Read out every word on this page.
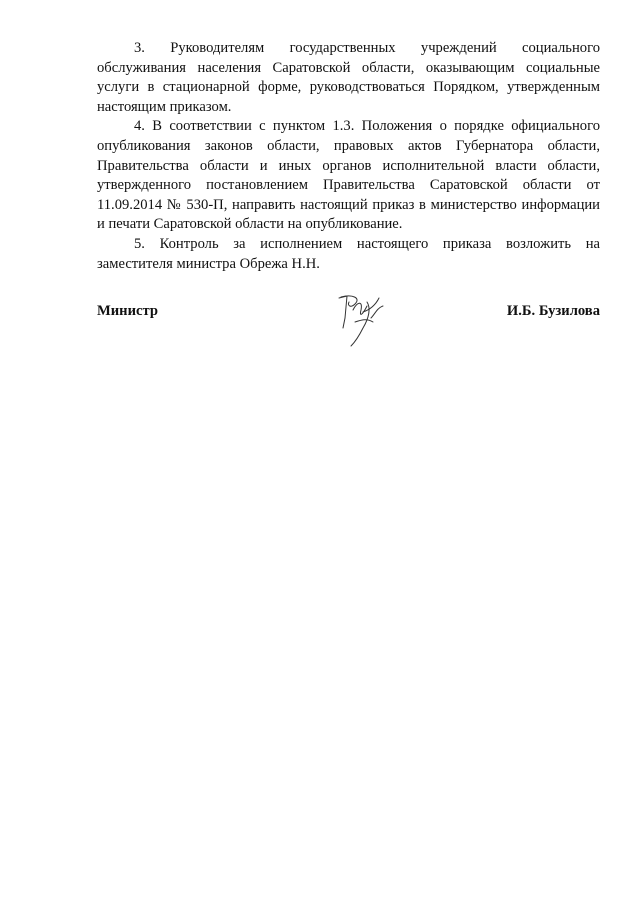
3. Руководителям государственных учреждений социального обслуживания населения Саратовской области, оказывающим социальные услуги в стационарной форме, руководствоваться Порядком, утвержденным настоящим приказом.

4. В соответствии с пунктом 1.3. Положения о порядке официального опубликования законов области, правовых актов Губернатора области, Правительства области и иных органов исполнительной власти области, утвержденного постановлением Правительства Саратовской области от 11.09.2014 № 530-П, направить настоящий приказ в министерство информации и печати Саратовской области на опубликование.

5. Контроль за исполнением настоящего приказа возложить на заместителя министра Обрежа Н.Н.

Министр	И.Б. Бузилова
